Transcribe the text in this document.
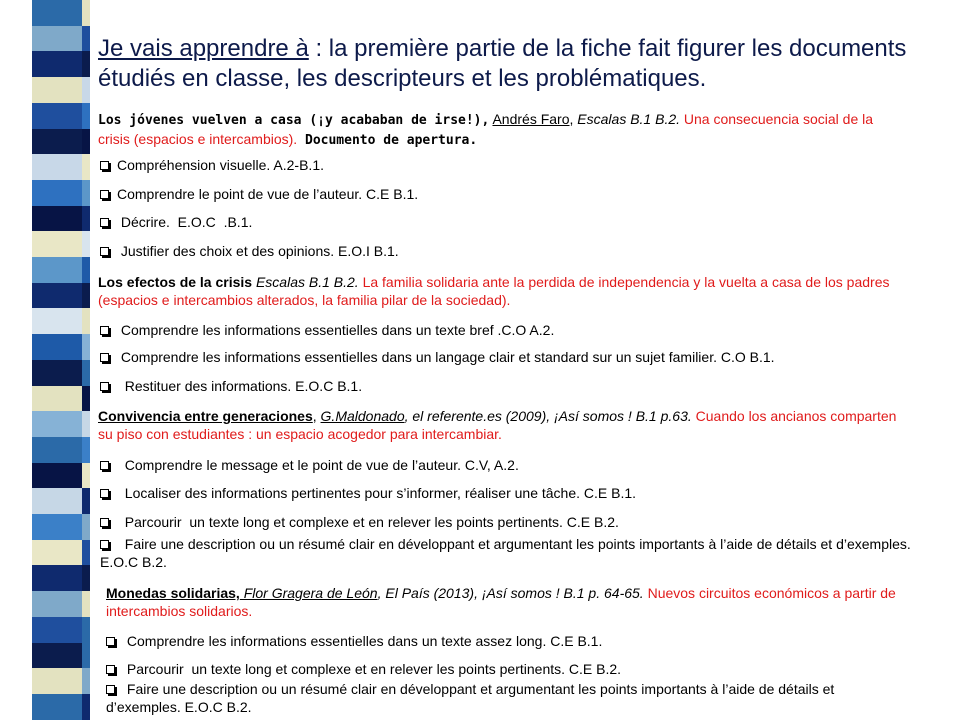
Je vais apprendre à : la première partie de la fiche fait figurer les documents étudiés en classe, les descripteurs et les problématiques.
Los jóvenes vuelven a casa (¡y acababan de irse!), Andrés Faro, Escalas B.1 B.2. Una consecuencia social de la crisis (espacios e intercambios). Documento de apertura.
Compréhension visuelle. A.2-B.1.
Comprendre le point de vue de l’auteur. C.E B.1.
Décrire.  E.O.C  .B.1.
Justifier des choix et des opinions. E.O.I B.1.
Los efectos de la crisis Escalas B.1 B.2. La familia solidaria ante la perdida de independencia y la vuelta a casa de los padres (espacios e intercambios alterados, la familia pilar de la sociedad).
Comprendre les informations essentielles dans un texte bref .C.O A.2.
Comprendre les informations essentielles dans un langage clair et standard sur un sujet familier. C.O B.1.
Restituer des informations. E.O.C B.1.
Convivencia entre generaciones, G.Maldonado, el referente.es (2009), ¡Así somos ! B.1 p.63. Cuando los ancianos comparten su piso con estudiantes : un espacio acogedor para intercambiar.
Comprendre le message et le point de vue de l’auteur. C.V, A.2.
Localiser des informations pertinentes pour s’informer, réaliser une tâche. C.E B.1.
Parcourir  un texte long et complexe et en relever les points pertinents. C.E B.2.
Faire une description ou un résumé clair en développant et argumentant les points importants à l’aide de détails et d’exemples. E.O.C B.2.
Monedas solidarias, Flor Gragera de León, El País (2013), ¡Así somos ! B.1 p. 64-65. Nuevos circuitos económicos a partir de intercambios solidarios.
Comprendre les informations essentielles dans un texte assez long. C.E B.1.
Parcourir  un texte long et complexe et en relever les points pertinents. C.E B.2.
Faire une description ou un résumé clair en développant et argumentant les points importants à l’aide de détails et d’exemples. E.O.C B.2.
